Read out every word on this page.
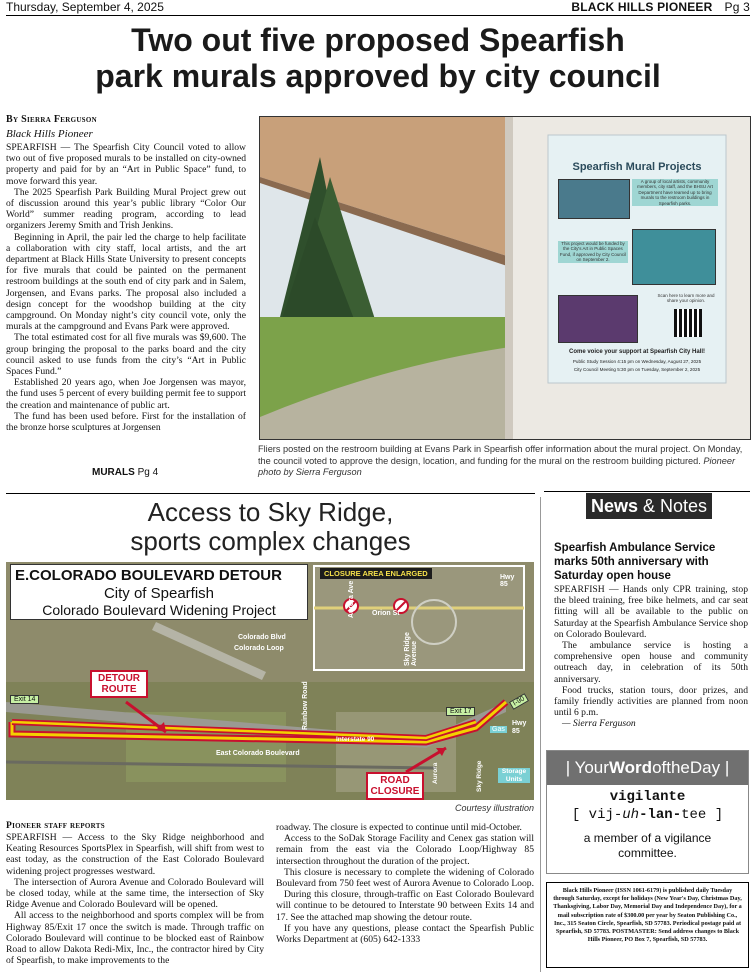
Thursday, September 4, 2025	BLACK HILLS PIONEER Pg 3
Two out five proposed Spearfish
park murals approved by city council
By Sierra Ferguson
Black Hills Pioneer

SPEARFISH — The Spearfish City Council voted to allow two out of five proposed murals to be installed on city-owned property and paid for by an “Art in Public Space” fund, to move forward this year.

The 2025 Spearfish Park Building Mural Project grew out of discussion around this year’s public library “Color Our World” summer reading program, according to lead organizers Jeremy Smith and Trish Jenkins.

Beginning in April, the pair led the charge to help facilitate a collaboration with city staff, local artists, and the art department at Black Hills State University to present concepts for five murals that could be painted on the permanent restroom buildings at the south end of city park and in Salem, Jorgensen, and Evans parks. The proposal also included a design concept for the woodshop building at the city campground. On Monday night’s city council vote, only the murals at the campground and Evans Park were approved.

The total estimated cost for all five murals was $9,600. The group bringing the proposal to the parks board and the city council asked to use funds from the city’s “Art in Public Spaces Fund.”

Established 20 years ago, when Joe Jorgensen was mayor, the fund uses 5 percent of every building permit fee to support the creation and maintenance of public art.

The fund has been used before. First for the installation of the bronze horse sculptures at Jorgensen

MURALS Pg 4
Spearfish Mural Projects
A group of local artists, community members, city staff, and the BHSU Art Department have teamed up to bring murals to the restroom buildings in Spearfish parks.
This project would be funded by the City's Art in Public Spaces Fund, if approved by City Council on September 2.
Scan here to learn more and share your opinion.
Come voice your support at Spearfish City Hall!
Public Study Session 4:15 pm on Wednesday, August 27, 2025
City Council Meeting 5:30 pm on Tuesday, September 2, 2025
Fliers posted on the restroom building at Evans Park in Spearfish offer information about the mural project. On Monday, the council voted to approve the design, location, and funding for the mural on the restroom building pictured. Pioneer photo by Sierra Ferguson
Access to Sky Ridge,
sports complex changes
E.COLORADO BOULEVARD DETOUR
City of Spearfish
Colorado Boulevard Widening Project
CLOSURE AREA ENLARGED	Hwy 85
Aurora Ave Orion St
Sky Ridge Avenue
Colorado Blvd
Colorado Loop
DETOUR ROUTE
Exit 14
Exit 17
I-90
Hwy 85
Rainbow Road
Interstate 90
East Colorado Boulevard
Gas
ROAD CLOSURE
Aurora	Sky Ridge	Storage Units
Courtesy illustration
Pioneer staff reports

SPEARFISH — Access to the Sky Ridge neighborhood and Keating Resources SportsPlex in Spearfish, will shift from west to east today, as the construction of the East Colorado Boulevard widening project progresses westward.

The intersection of Aurora Avenue and Colorado Boulevard will be closed today, while at the same time, the intersection of Sky Ridge Avenue and Colorado Boulevard will be opened.

All access to the neighborhood and sports complex will be from Highway 85/Exit 17 once the switch is made. Through traffic on Colorado Boulevard will continue to be blocked east of Rainbow Road to allow Dakota Redi-Mix, Inc., the contractor hired by City of Spearfish, to make improvements to the

roadway. The closure is expected to continue until mid-October.

Access to the SoDak Storage Facility and Cenex gas station will remain from the east via the Colorado Loop/Highway 85 intersection throughout the duration of the project.

This closure is necessary to complete the widening of Colorado Boulevard from 750 feet west of Aurora Avenue to Colorado Loop.

During this closure, through-traffic on East Colorado Boulevard will continue to be detoured to Interstate 90 between Exits 14 and 17. See the attached map showing the detour route.

If you have any questions, please contact the Spearfish Public Works Department at (605) 642-1333

News & Notes
Spearfish Ambulance Service marks 50th anniversary with Saturday open house

SPEARFISH — Hands only CPR training, stop the bleed training, free bike helmets, and car seat fitting will all be available to the public on Saturday at the Spearfish Ambulance Service shop on Colorado Boulevard.

The ambulance service is hosting a comprehensive open house and community outreach day, in celebration of its 50th anniversary.

Food trucks, station tours, door prizes, and family friendly activities are planned from noon until 6 p.m.

— Sierra Ferguson

| YourWordoftheDay |
vigilante
[ vij-uh-lan-tee ]
a member of a vigilance committee.
Black Hills Pioneer (ISSN 1061-6179) is published daily Tuesday through Saturday, except for holidays (New Year's Day, Christmas Day, Thanksgiving, Labor Day, Memorial Day and Independence Day), for a mail subscription rate of $300.00 per year by Seaton Publishing Co., Inc., 315 Seaton Circle, Spearfish, SD 57783. Periodical postage paid at Spearfish, SD 57783. POSTMASTER: Send address changes to Black Hills Pioneer, PO Box 7, Spearfish, SD 57783.
